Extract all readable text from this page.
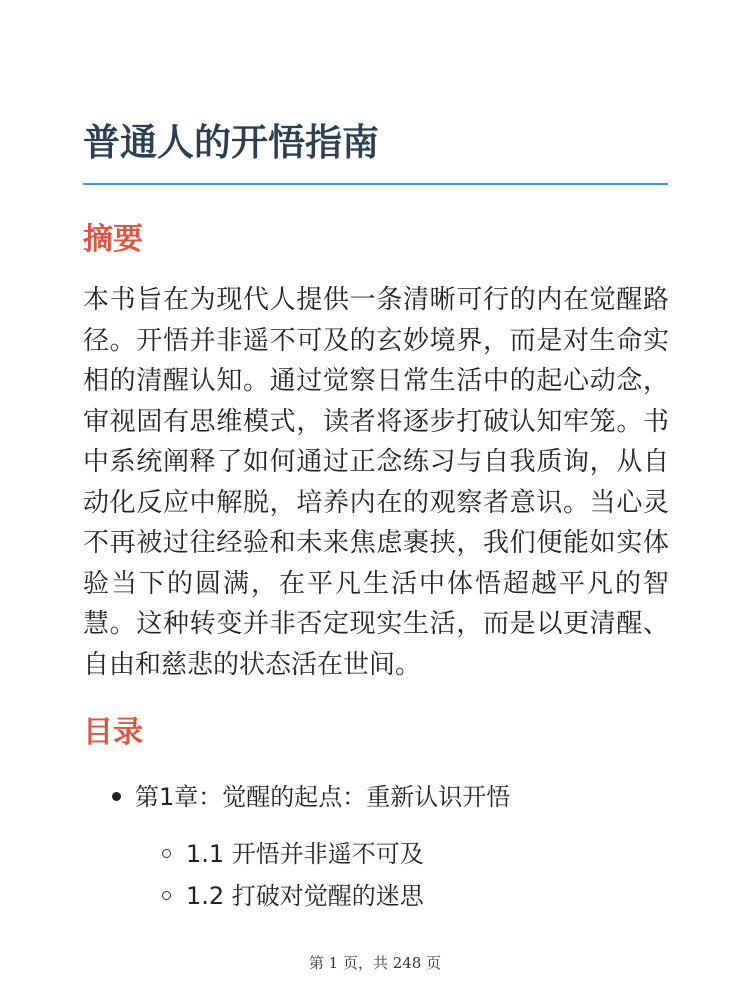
普通人的开悟指南
摘要

本书旨在为现代人提供一条清晰可行的内在觉醒路径。开悟并非遥不可及的玄妙境界，而是对生命实相的清醒认知。通过觉察日常生活中的起心动念，审视固有思维模式，读者将逐步打破认知牢笼。书中系统阐释了如何通过正念练习与自我质询，从自动化反应中解脱，培养内在的观察者意识。当心灵不再被过往经验和未来焦虑裹挟，我们便能如实体验当下的圆满，在平凡生活中体悟超越平凡的智慧。这种转变并非否定现实生活，而是以更清醒、自由和慈悲的状态活在世间。

目录
第1章：觉醒的起点：重新认识开悟
1.1 开悟并非遥不可及
1.2 打破对觉醒的迷思
第 1 页，共 248 页
